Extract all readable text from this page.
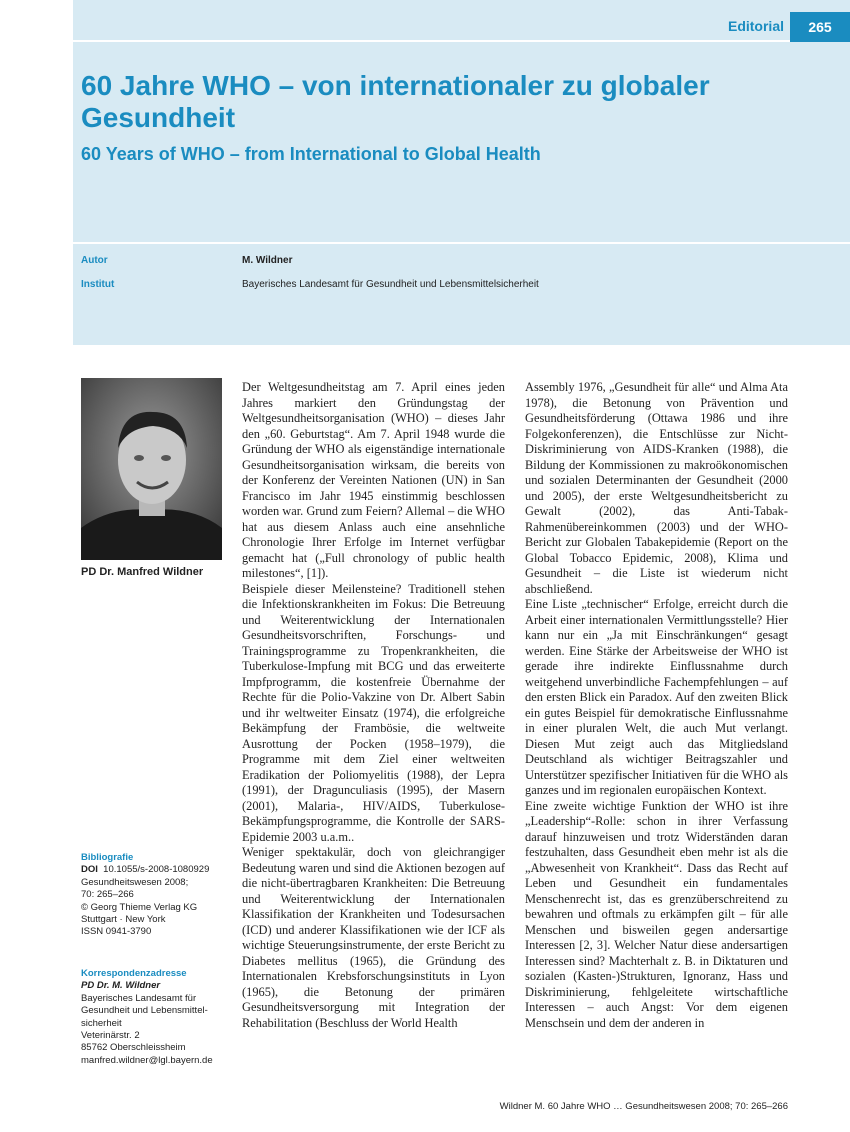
Editorial	265
60 Jahre WHO – von internationaler zu globaler Gesundheit
60 Years of WHO – from International to Global Health
Autor	M. Wildner
Institut	Bayerisches Landesamt für Gesundheit und Lebensmittelsicherheit
PD Dr. Manfred Wildner
Bibliografie
DOI 10.1055/s-2008-1080929
Gesundheitswesen 2008;
70: 265–266
© Georg Thieme Verlag KG
Stuttgart · New York
ISSN 0941-3790
Korrespondenzadresse
PD Dr. M. Wildner
Bayerisches Landesamt für
Gesundheit und Lebensmittel-
sicherheit
Veterinärstr. 2
85762 Oberschleissheim
manfred.wildner@lgl.bayern.de

Der Weltgesundheitstag am 7. April eines jeden Jahres markiert den Gründungstag der Weltgesundheitsorganisation (WHO) – dieses Jahr den „60. Geburtstag“. Am 7. April 1948 wurde die Gründung der WHO als eigenständige internationale Gesundheitsorganisation wirksam, die bereits von der Konferenz der Vereinten Nationen (UN) in San Francisco im Jahr 1945 einstimmig beschlossen worden war. Grund zum Feiern? Allemal – die WHO hat aus diesem Anlass auch eine ansehnliche Chronologie Ihrer Erfolge im Internet verfügbar gemacht hat („Full chronology of public health milestones“, [1]).

Beispiele dieser Meilensteine? Traditionell stehen die Infektionskrankheiten im Fokus: Die Betreuung und Weiterentwicklung der Internationalen Gesundheitsvorschriften, Forschungs- und Trainingsprogramme zu Tropenkrankheiten, die Tuberkulose-Impfung mit BCG und das erweiterte Impfprogramm, die kostenfreie Übernahme der Rechte für die Polio-Vakzine von Dr. Albert Sabin und ihr weltweiter Einsatz (1974), die erfolgreiche Bekämpfung der Frambösie, die weltweite Ausrottung der Pocken (1958–1979), die Programme mit dem Ziel einer weltweiten Eradikation der Poliomyelitis (1988), der Lepra (1991), der Dragunculiasis (1995), der Masern (2001), Malaria-, HIV/AIDS, Tuberkulose-Bekämpfungsprogramme, die Kontrolle der SARS-Epidemie 2003 u.a.m..

Weniger spektakulär, doch von gleichrangiger Bedeutung waren und sind die Aktionen bezogen auf die nicht-übertragbaren Krankheiten: Die Betreuung und Weiterentwicklung der Internationalen Klassifikation der Krankheiten und Todesursachen (ICD) und anderer Klassifikationen wie der ICF als wichtige Steuerungsinstrumente, der erste Bericht zu Diabetes mellitus (1965), die Gründung des Internationalen Krebsforschungsinstituts in Lyon (1965), die Betonung der primären Gesundheitsversorgung mit Integration der Rehabilitation (Beschluss der World Health

Assembly 1976, „Gesundheit für alle“ und Alma Ata 1978), die Betonung von Prävention und Gesundheitsförderung (Ottawa 1986 und ihre Folgekonferenzen), die Entschlüsse zur Nicht-Diskriminierung von AIDS-Kranken (1988), die Bildung der Kommissionen zu makroökonomischen und sozialen Determinanten der Gesundheit (2000 und 2005), der erste Weltgesundheitsbericht zu Gewalt (2002), das Anti-Tabak-Rahmenübereinkommen (2003) und der WHO-Bericht zur Globalen Tabakepidemie (Report on the Global Tobacco Epidemic, 2008), Klima und Gesundheit – die Liste ist wiederum nicht abschließend.

Eine Liste „technischer“ Erfolge, erreicht durch die Arbeit einer internationalen Vermittlungsstelle? Hier kann nur ein „Ja mit Einschränkungen“ gesagt werden. Eine Stärke der Arbeitsweise der WHO ist gerade ihre indirekte Einflussnahme durch weitgehend unverbindliche Fachempfehlungen – auf den ersten Blick ein Paradox. Auf den zweiten Blick ein gutes Beispiel für demokratische Einflussnahme in einer pluralen Welt, die auch Mut verlangt. Diesen Mut zeigt auch das Mitgliedsland Deutschland als wichtiger Beitragszahler und Unterstützer spezifischer Initiativen für die WHO als ganzes und im regionalen europäischen Kontext.

Eine zweite wichtige Funktion der WHO ist ihre „Leadership“-Rolle: schon in ihrer Verfassung darauf hinzuweisen und trotz Widerständen daran festzuhalten, dass Gesundheit eben mehr ist als die „Abwesenheit von Krankheit“. Dass das Recht auf Leben und Gesundheit ein fundamentales Menschenrecht ist, das es grenzüberschreitend zu bewahren und oftmals zu erkämpfen gilt – für alle Menschen und bisweilen gegen andersartige Interessen [2, 3]. Welcher Natur diese andersartigen Interessen sind? Machterhalt z. B. in Diktaturen und sozialen (Kasten-)Strukturen, Ignoranz, Hass und Diskriminierung, fehlgeleitete wirtschaftliche Interessen – auch Angst: Vor dem eigenen Menschsein und dem der anderen in

Wildner M. 60 Jahre WHO … Gesundheitswesen 2008; 70: 265–266
